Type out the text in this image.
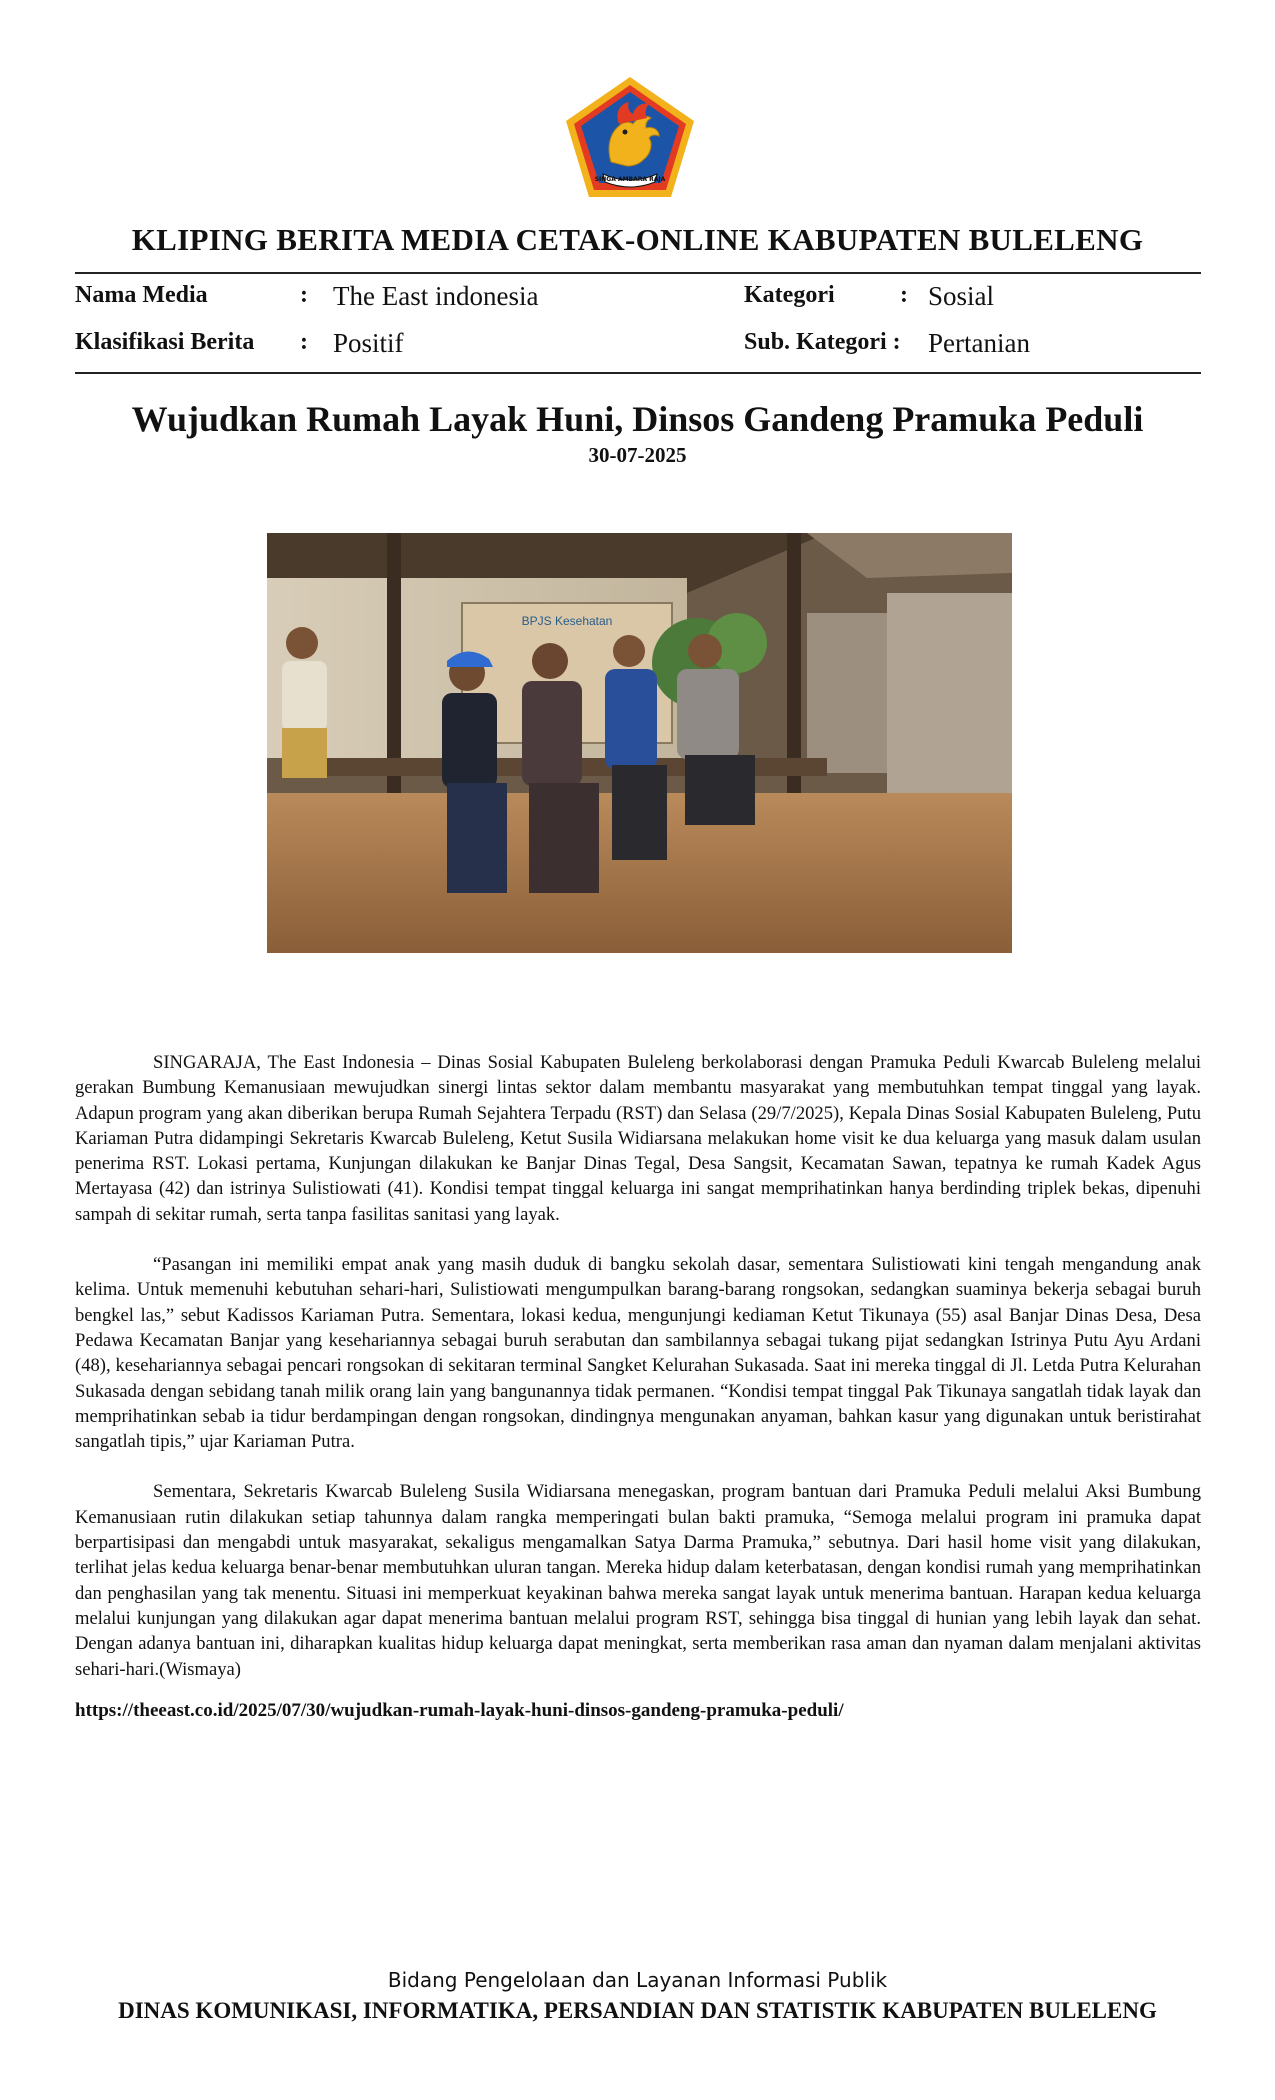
SINGA AMBARA RAJA
KLIPING BERITA MEDIA CETAK-ONLINE KABUPATEN BULELENG
Nama Media	: The East indonesia
Klasifikasi Berita : Positif
Kategori	: Sosial
Sub. Kategori : Pertanian
Wujudkan Rumah Layak Huni, Dinsos Gandeng Pramuka Peduli
30-07-2025
BPJS Kesehatan

SINGARAJA, The East Indonesia – Dinas Sosial Kabupaten Buleleng berkolaborasi dengan Pramuka Peduli Kwarcab Buleleng melalui gerakan Bumbung Kemanusiaan mewujudkan sinergi lintas sektor dalam membantu masyarakat yang membutuhkan tempat tinggal yang layak. Adapun program yang akan diberikan berupa Rumah Sejahtera Terpadu (RST) dan Selasa (29/7/2025), Kepala Dinas Sosial Kabupaten Buleleng, Putu Kariaman Putra didampingi Sekretaris Kwarcab Buleleng, Ketut Susila Widiarsana melakukan home visit ke dua keluarga yang masuk dalam usulan penerima RST. Lokasi pertama, Kunjungan dilakukan ke Banjar Dinas Tegal, Desa Sangsit, Kecamatan Sawan, tepatnya ke rumah Kadek Agus Mertayasa (42) dan istrinya Sulistiowati (41). Kondisi tempat tinggal keluarga ini sangat memprihatinkan hanya berdinding triplek bekas, dipenuhi sampah di sekitar rumah, serta tanpa fasilitas sanitasi yang layak.

“Pasangan ini memiliki empat anak yang masih duduk di bangku sekolah dasar, sementara Sulistiowati kini tengah mengandung anak kelima. Untuk memenuhi kebutuhan sehari-hari, Sulistiowati mengumpulkan barang-barang rongsokan, sedangkan suaminya bekerja sebagai buruh bengkel las,” sebut Kadissos Kariaman Putra. Sementara, lokasi kedua, mengunjungi kediaman Ketut Tikunaya (55) asal Banjar Dinas Desa, Desa Pedawa Kecamatan Banjar yang kesehariannya sebagai buruh serabutan dan sambilannya sebagai tukang pijat sedangkan Istrinya Putu Ayu Ardani (48), kesehariannya sebagai pencari rongsokan di sekitaran terminal Sangket Kelurahan Sukasada. Saat ini mereka tinggal di Jl. Letda Putra Kelurahan Sukasada dengan sebidang tanah milik orang lain yang bangunannya tidak permanen. “Kondisi tempat tinggal Pak Tikunaya sangatlah tidak layak dan memprihatinkan sebab ia tidur berdampingan dengan rongsokan, dindingnya mengunakan anyaman, bahkan kasur yang digunakan untuk beristirahat sangatlah tipis,” ujar Kariaman Putra.

Sementara, Sekretaris Kwarcab Buleleng Susila Widiarsana menegaskan, program bantuan dari Pramuka Peduli melalui Aksi Bumbung Kemanusiaan rutin dilakukan setiap tahunnya dalam rangka memperingati bulan bakti pramuka, “Semoga melalui program ini pramuka dapat berpartisipasi dan mengabdi untuk masyarakat, sekaligus mengamalkan Satya Darma Pramuka,” sebutnya. Dari hasil home visit yang dilakukan, terlihat jelas kedua keluarga benar-benar membutuhkan uluran tangan. Mereka hidup dalam keterbatasan, dengan kondisi rumah yang memprihatinkan dan penghasilan yang tak menentu. Situasi ini memperkuat keyakinan bahwa mereka sangat layak untuk menerima bantuan. Harapan kedua keluarga melalui kunjungan yang dilakukan agar dapat menerima bantuan melalui program RST, sehingga bisa tinggal di hunian yang lebih layak dan sehat. Dengan adanya bantuan ini, diharapkan kualitas hidup keluarga dapat meningkat, serta memberikan rasa aman dan nyaman dalam menjalani aktivitas sehari-hari.(Wismaya)

https://theeast.co.id/2025/07/30/wujudkan-rumah-layak-huni-dinsos-gandeng-pramuka-peduli/
Bidang Pengelolaan dan Layanan Informasi Publik
DINAS KOMUNIKASI, INFORMATIKA, PERSANDIAN DAN STATISTIK KABUPATEN BULELENG
